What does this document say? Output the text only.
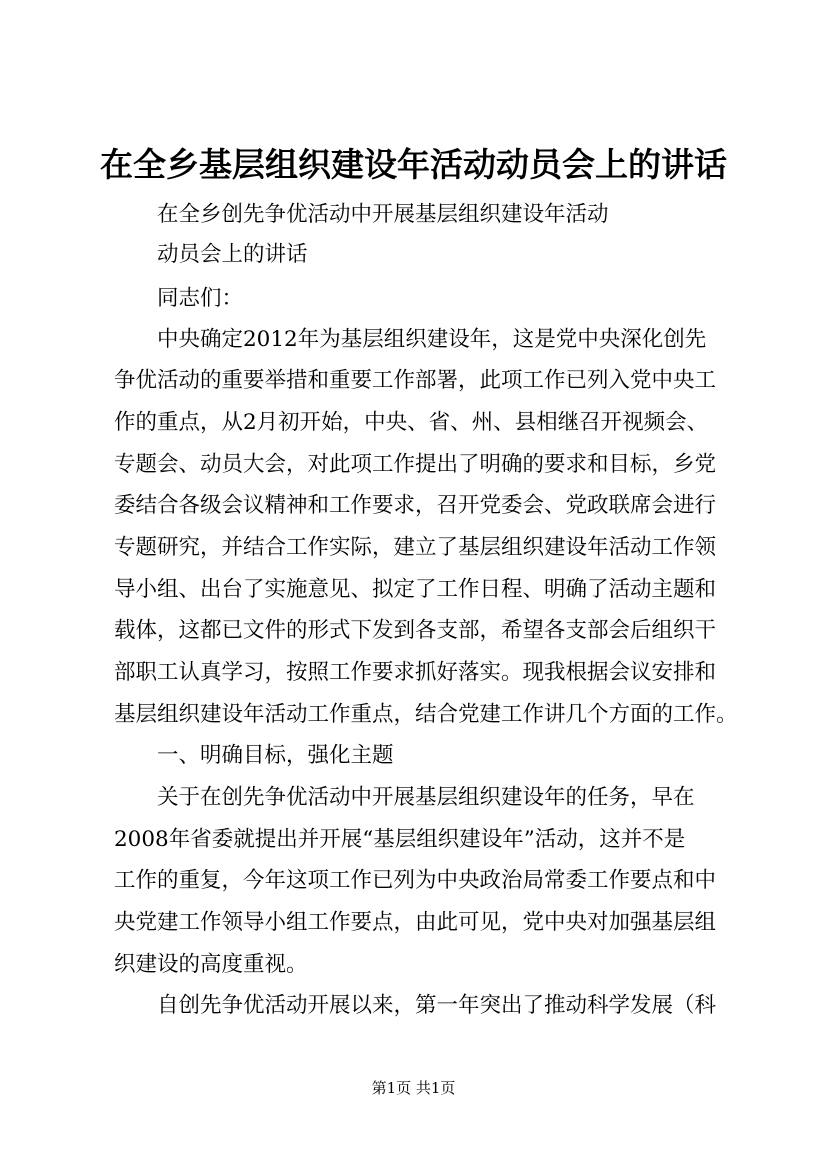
在全乡基层组织建设年活动动员会上的讲话
　　在全乡创先争优活动中开展基层组织建设年活动
　　动员会上的讲话
　　同志们：
　　中央确定2012年为基层组织建设年，这是党中央深化创先
争优活动的重要举措和重要工作部署，此项工作已列入党中央工
作的重点，从2月初开始，中央、省、州、县相继召开视频会、
专题会、动员大会，对此项工作提出了明确的要求和目标，乡党
委结合各级会议精神和工作要求，召开党委会、党政联席会进行
专题研究，并结合工作实际，建立了基层组织建设年活动工作领
导小组、出台了实施意见、拟定了工作日程、明确了活动主题和
载体，这都已文件的形式下发到各支部，希望各支部会后组织干
部职工认真学习，按照工作要求抓好落实。现我根据会议安排和
基层组织建设年活动工作重点，结合党建工作讲几个方面的工作。
　　一、明确目标，强化主题
　　关于在创先争优活动中开展基层组织建设年的任务，早在
2008年省委就提出并开展“基层组织建设年”活动，这并不是
工作的重复，今年这项工作已列为中央政治局常委工作要点和中
央党建工作领导小组工作要点，由此可见，党中央对加强基层组
织建设的高度重视。
　　自创先争优活动开展以来，第一年突出了推动科学发展（科
第1页 共1页
